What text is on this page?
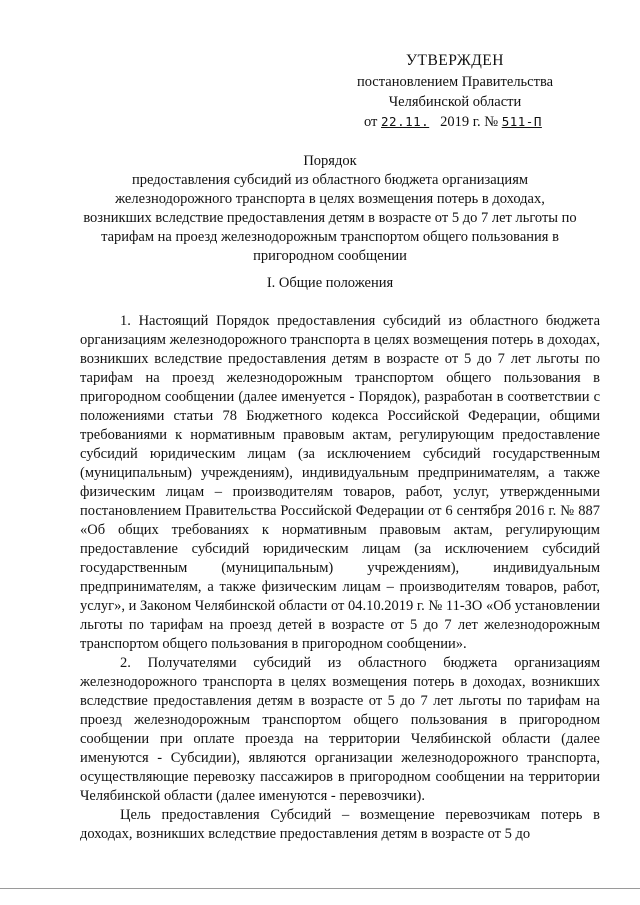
УТВЕРЖДЕН
постановлением Правительства
Челябинской области
от 22.11. 2019 г. № 511-П
Порядок
предоставления субсидий из областного бюджета организациям железнодорожного транспорта в целях возмещения потерь в доходах, возникших вследствие предоставления детям в возрасте от 5 до 7 лет льготы по тарифам на проезд железнодорожным транспортом общего пользования в пригородном сообщении
I. Общие положения

1. Настоящий Порядок предоставления субсидий из областного бюджета организациям железнодорожного транспорта в целях возмещения потерь в доходах, возникших вследствие предоставления детям в возрасте от 5 до 7 лет льготы по тарифам на проезд железнодорожным транспортом общего пользования в пригородном сообщении (далее именуется - Порядок), разработан в соответствии с положениями статьи 78 Бюджетного кодекса Российской Федерации, общими требованиями к нормативным правовым актам, регулирующим предоставление субсидий юридическим лицам (за исключением субсидий государственным (муниципальным) учреждениям), индивидуальным предпринимателям, а также физическим лицам – производителям товаров, работ, услуг, утвержденными постановлением Правительства Российской Федерации от 6 сентября 2016 г. № 887 «Об общих требованиях к нормативным правовым актам, регулирующим предоставление субсидий юридическим лицам (за исключением субсидий государственным (муниципальным) учреждениям), индивидуальным предпринимателям, а также физическим лицам – производителям товаров, работ, услуг», и Законом Челябинской области от 04.10.2019 г. № 11-ЗО «Об установлении льготы по тарифам на проезд детей в возрасте от 5 до 7 лет железнодорожным транспортом общего пользования в пригородном сообщении».

2. Получателями субсидий из областного бюджета организациям железнодорожного транспорта в целях возмещения потерь в доходах, возникших вследствие предоставления детям в возрасте от 5 до 7 лет льготы по тарифам на проезд железнодорожным транспортом общего пользования в пригородном сообщении при оплате проезда на территории Челябинской области (далее именуются - Субсидии), являются организации железнодорожного транспорта, осуществляющие перевозку пассажиров в пригородном сообщении на территории Челябинской области (далее именуются - перевозчики).

Цель предоставления Субсидий – возмещение перевозчикам потерь в доходах, возникших вследствие предоставления детям в возрасте от 5 до
